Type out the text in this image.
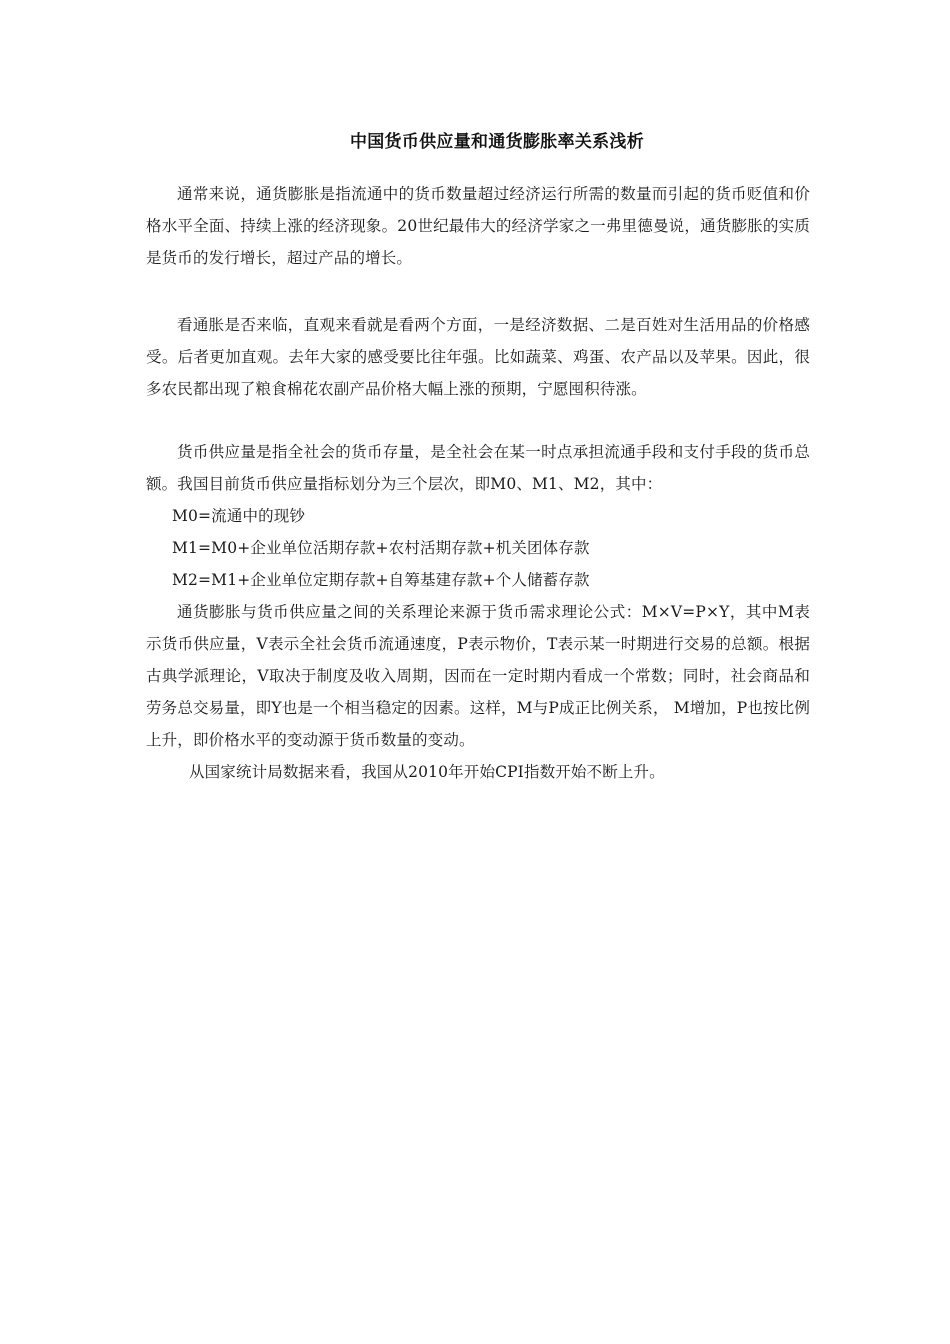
中国货币供应量和通货膨胀率关系浅析

通常来说，通货膨胀是指流通中的货币数量超过经济运行所需的数量而引起的货币贬值和价格水平全面、持续上涨的经济现象。20世纪最伟大的经济学家之一弗里德曼说，通货膨胀的实质是货币的发行增长，超过产品的增长。

看通胀是否来临，直观来看就是看两个方面，一是经济数据、二是百姓对生活用品的价格感受。后者更加直观。去年大家的感受要比往年强。比如蔬菜、鸡蛋、农产品以及苹果。因此，很多农民都出现了粮食棉花农副产品价格大幅上涨的预期，宁愿囤积待涨。

货币供应量是指全社会的货币存量，是全社会在某一时点承担流通手段和支付手段的货币总额。我国目前货币供应量指标划分为三个层次，即M0、M1、M2，其中：

M0=流通中的现钞

M1=M0+企业单位活期存款+农村活期存款+机关团体存款

M2=M1+企业单位定期存款+自筹基建存款+个人储蓄存款

通货膨胀与货币供应量之间的关系理论来源于货币需求理论公式：M×V=P×Y，其中M表示货币供应量，V表示全社会货币流通速度，P表示物价，T表示某一时期进行交易的总额。根据古典学派理论，V取决于制度及收入周期，因而在一定时期内看成一个常数；同时，社会商品和劳务总交易量，即Y也是一个相当稳定的因素。这样，M与P成正比例关系， M增加，P也按比例上升，即价格水平的变动源于货币数量的变动。

从国家统计局数据来看，我国从2010年开始CPI指数开始不断上升。
